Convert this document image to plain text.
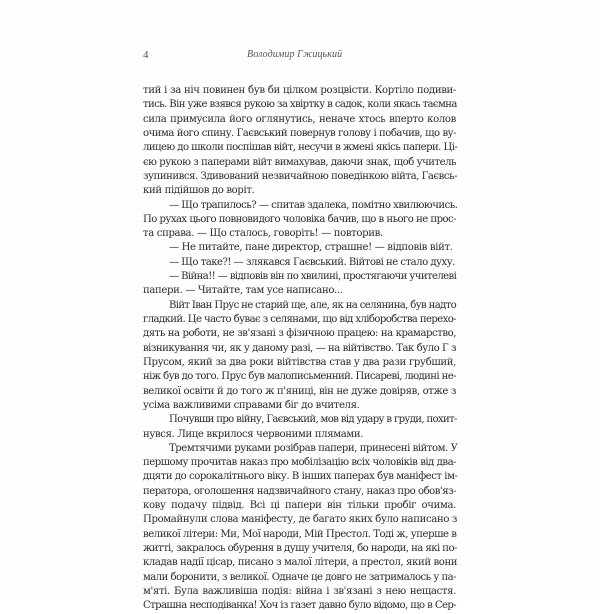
4	Володимир Гжицький
тий і за ніч повинен був би цілком розцвісти. Кортіло подиви-
тись. Він уже взявся рукою за хвіртку в садок, коли якась таємна
сила примусила його оглянутись, неначе хтось вперто колов
очима його спину. Гаєвський повернув голову і побачив, що ву-
лицею до школи поспішав війт, несучи в жмені якісь папери. Ці-
єю рукою з паперами війт вимахував, даючи знак, щоб учитель
зупинився. Здивований незвичайною поведінкою війта, Гаєвсь-
кий підійшов до воріт.
— Що трапилось? — спитав здалека, помітно хвилюючись.
По рухах цього повновидого чоловіка бачив, що в нього не прос-
та справа. — Що сталось, говоріть! — повторив.
— Не питайте, пане директор, страшне! — відповів війт.
— Що таке?! — злякався Гаєвський. Війтові не стало духу.
— Війна!! — відповів він по хвилині, простягаючи учителеві
папери. — Читайте, там усе написано...
Війт Іван Прус не старий ще, але, як на селянина, був надто
гладкий. Це часто буває з селянами, що від хліборобства перехо-
дять на роботи, не зв'язані з фізичною працею: на крамарство,
візникування чи, як у даному разі, — на війтівство. Так було Г з
Прусом, який за два роки війтівства став у два рази грубший,
ніж був до того. Прус був малописьменний. Писареві, людині не-
великої освіти й до того ж п'яниці, він не дуже довіряв, отже з
усіма важливими справами біг до вчителя.
Почувши про війну, Гаєвський, мов від удару в груди, похит-
нувся. Лице вкрилося червоними плямами.
Тремтячими руками розібрав папери, принесені війтом. У
першому прочитав наказ про мобілізацію всіх чоловіків від два-
дцяти до сорокалітнього віку. В інших паперах був маніфест ім-
ператора, оголошення надзвичайного стану, наказ про обов'яз-
кову подачу підвід. Всі ці папери він тільки пробіг очима.
Промайнули слова маніфесту, де багато яких було написано з
великої літери: Ми, Мої народи, Мій Престол. Тоді ж, уперше в
житті, закралось обурення в душу учителя, бо народи, на які по-
кладав надії цісар, писано з малої літери, а престол, який вони
мали боронити, з великої. Одначе це довго не затрималось у па-
м'яті. Була важливіша подія: війна і зв'язані з нею нещастя.
Страшна несподіванка! Хоч із газет давно було відомо, що в Сер-
